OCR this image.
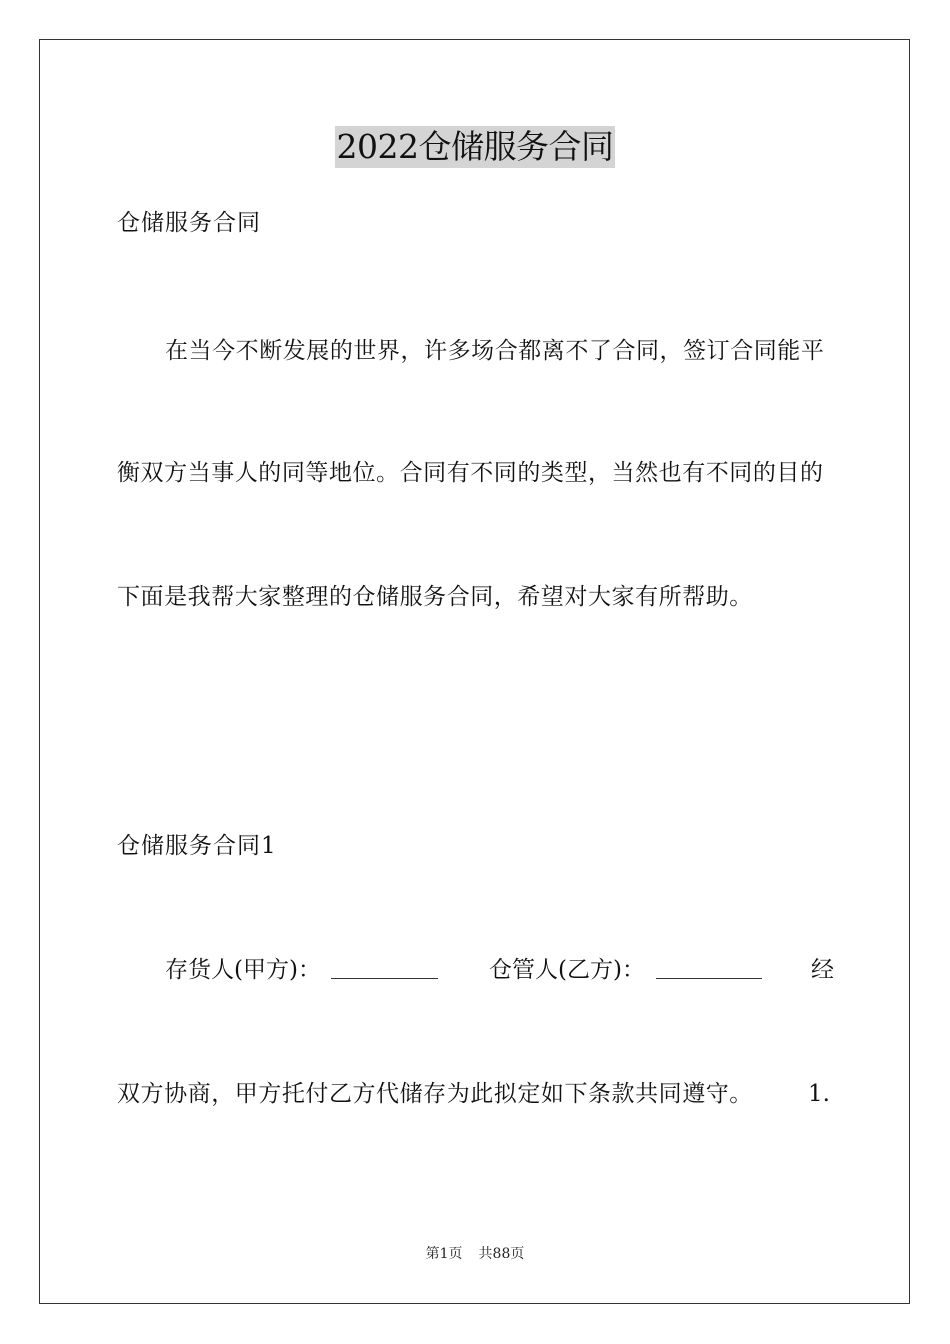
2022仓储服务合同
仓储服务合同
在当今不断发展的世界，许多场合都离不了合同，签订合同能平
衡双方当事人的同等地位。合同有不同的类型，当然也有不同的目的
下面是我帮大家整理的仓储服务合同，希望对大家有所帮助。
仓储服务合同1
存货人(甲方)：	仓管人(乙方)：	经
双方协商，甲方托付乙方代储存为此拟定如下条款共同遵守。 1.
第1页 共88页
